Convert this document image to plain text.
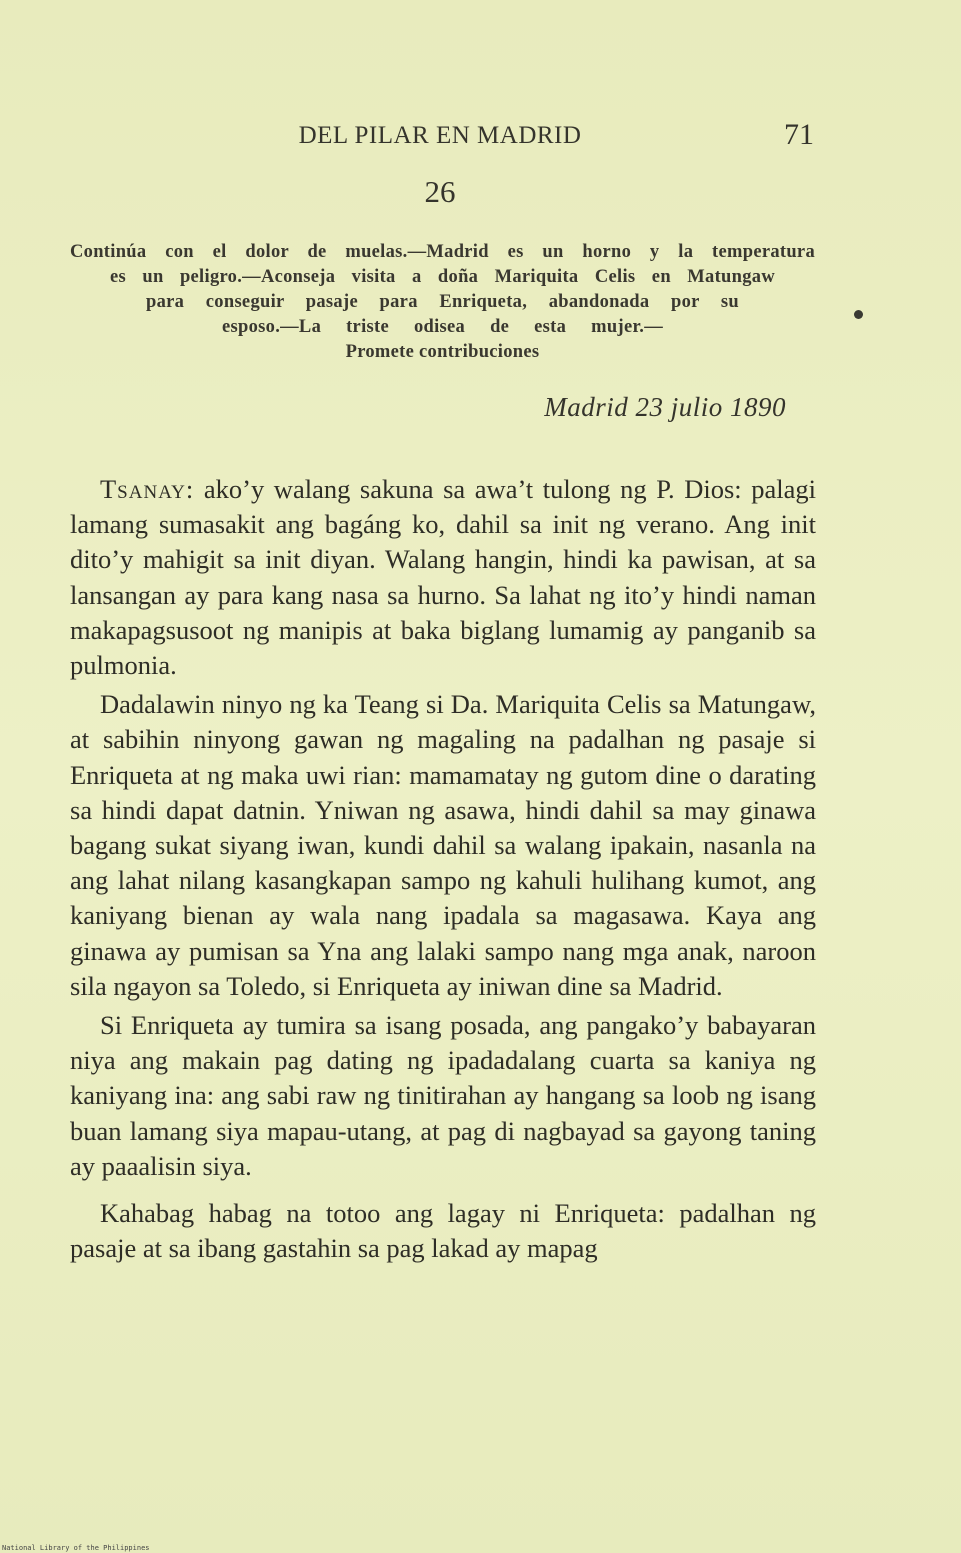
DEL PILAR EN MADRID	71
26
Continúa con el dolor de muelas.—Madrid es un horno y la temperatura
es un peligro.—Aconseja visita a doña Mariquita Celis en Matungaw
para conseguir pasaje para Enriqueta, abandonada por su
esposo.—La triste odisea de esta mujer.—
Promete contribuciones
Madrid 23 julio 1890

Tsanay: ako’y walang sakuna sa awa’t tulong ng P. Dios: palagi lamang sumasakit ang bagáng ko, dahil sa init ng verano. Ang init dito’y mahigit sa init diyan. Walang hangin, hindi ka pawisan, at sa lansangan ay para kang nasa sa hurno. Sa lahat ng ito’y hindi naman makapagsusoot ng manipis at baka biglang lumamig ay panganib sa pulmonia.

Dadalawin ninyo ng ka Teang si Da. Mariquita Celis sa Matungaw, at sabihin ninyong gawan ng magaling na padalhan ng pasaje si Enriqueta at ng maka uwi rian: mamamatay ng gutom dine o darating sa hindi dapat datnin. Yniwan ng asawa, hindi dahil sa may ginawa bagang sukat siyang iwan, kundi dahil sa walang ipakain, nasanla na ang lahat nilang kasangkapan sampo ng kahuli hulihang kumot, ang kaniyang bienan ay wala nang ipadala sa magasawa. Kaya ang ginawa ay pumisan sa Yna ang lalaki sampo nang mga anak, naroon sila ngayon sa Toledo, si Enriqueta ay iniwan dine sa Madrid.

Si Enriqueta ay tumira sa isang posada, ang pangako’y babayaran niya ang makain pag dating ng ipadadalang cuarta sa kaniya ng kaniyang ina: ang sabi raw ng tinitirahan ay hangang sa loob ng isang buan lamang siya mapau-utang, at pag di nagbayad sa gayong taning ay paaalisin siya.

Kahabag habag na totoo ang lagay ni Enriqueta: padalhan ng pasaje at sa ibang gastahin sa pag lakad ay mapag

National Library of the Philippines
